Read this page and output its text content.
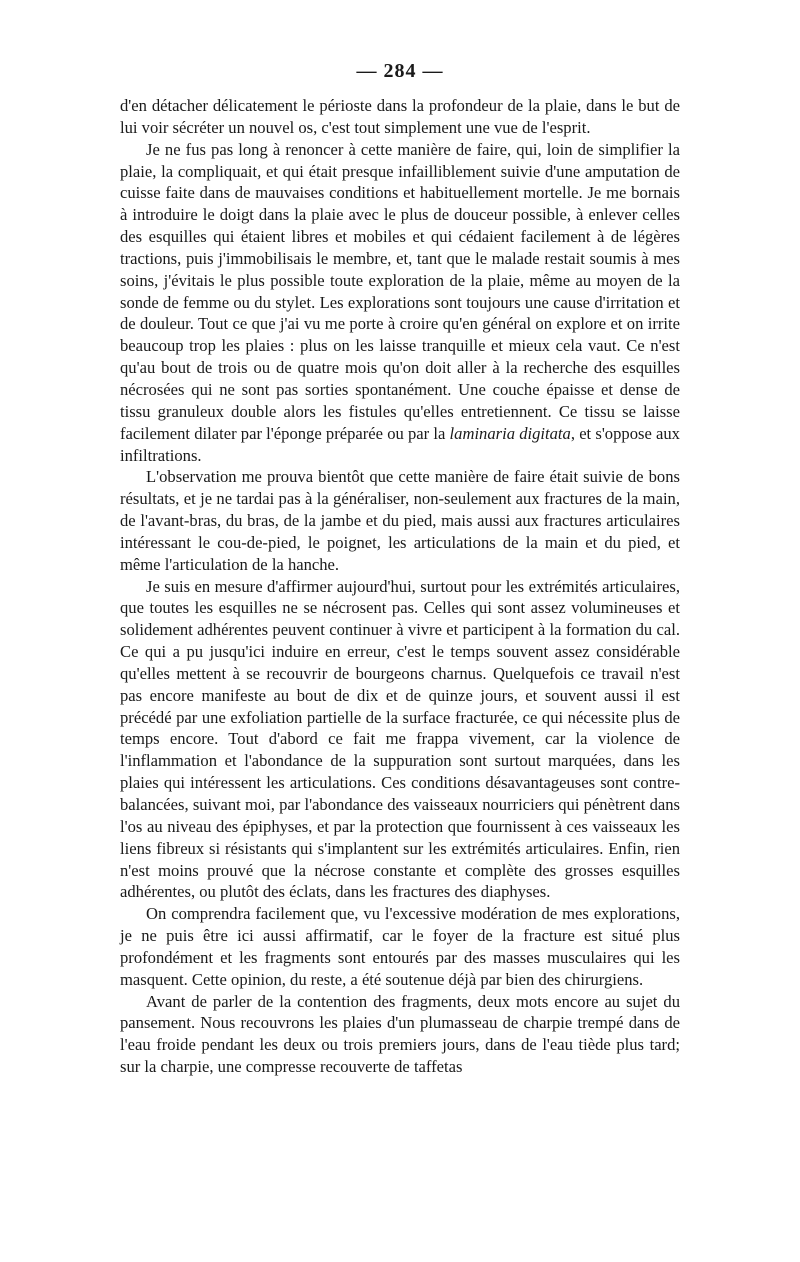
— 284 —

d'en détacher délicatement le périoste dans la profondeur de la plaie, dans le but de lui voir sécréter un nouvel os, c'est tout simplement une vue de l'esprit.

Je ne fus pas long à renoncer à cette manière de faire, qui, loin de simplifier la plaie, la compliquait, et qui était presque infailliblement suivie d'une amputation de cuisse faite dans de mauvaises conditions et habituellement mortelle. Je me bornais à introduire le doigt dans la plaie avec le plus de douceur possible, à enlever celles des esquilles qui étaient libres et mobiles et qui cédaient facilement à de légères tractions, puis j'immobilisais le membre, et, tant que le malade restait soumis à mes soins, j'évitais le plus possible toute exploration de la plaie, même au moyen de la sonde de femme ou du stylet. Les explorations sont toujours une cause d'irritation et de douleur. Tout ce que j'ai vu me porte à croire qu'en général on explore et on irrite beaucoup trop les plaies : plus on les laisse tranquille et mieux cela vaut. Ce n'est qu'au bout de trois ou de quatre mois qu'on doit aller à la recherche des esquilles nécrosées qui ne sont pas sorties spontanément. Une couche épaisse et dense de tissu granuleux double alors les fistules qu'elles entretiennent. Ce tissu se laisse facilement dilater par l'éponge préparée ou par la laminaria digitata, et s'oppose aux infiltrations.

L'observation me prouva bientôt que cette manière de faire était suivie de bons résultats, et je ne tardai pas à la généraliser, non-seulement aux fractures de la main, de l'avant-bras, du bras, de la jambe et du pied, mais aussi aux fractures articulaires intéressant le cou-de-pied, le poignet, les articulations de la main et du pied, et même l'articulation de la hanche.

Je suis en mesure d'affirmer aujourd'hui, surtout pour les extrémités articulaires, que toutes les esquilles ne se nécrosent pas. Celles qui sont assez volumineuses et solidement adhérentes peuvent continuer à vivre et participent à la formation du cal. Ce qui a pu jusqu'ici induire en erreur, c'est le temps souvent assez considérable qu'elles mettent à se recouvrir de bourgeons charnus. Quelquefois ce travail n'est pas encore manifeste au bout de dix et de quinze jours, et souvent aussi il est précédé par une exfoliation partielle de la surface fracturée, ce qui nécessite plus de temps encore. Tout d'abord ce fait me frappa vivement, car la violence de l'inflammation et l'abondance de la suppuration sont surtout marquées, dans les plaies qui intéressent les articulations. Ces conditions désavantageuses sont contre-balancées, suivant moi, par l'abondance des vaisseaux nourriciers qui pénètrent dans l'os au niveau des épiphyses, et par la protection que fournissent à ces vaisseaux les liens fibreux si résistants qui s'implantent sur les extrémités articulaires. Enfin, rien n'est moins prouvé que la nécrose constante et complète des grosses esquilles adhérentes, ou plutôt des éclats, dans les fractures des diaphyses.

On comprendra facilement que, vu l'excessive modération de mes explorations, je ne puis être ici aussi affirmatif, car le foyer de la fracture est situé plus profondément et les fragments sont entourés par des masses musculaires qui les masquent. Cette opinion, du reste, a été soutenue déjà par bien des chirurgiens.

Avant de parler de la contention des fragments, deux mots encore au sujet du pansement. Nous recouvrons les plaies d'un plumasseau de charpie trempé dans de l'eau froide pendant les deux ou trois premiers jours, dans de l'eau tiède plus tard; sur la charpie, une compresse recouverte de taffetas
